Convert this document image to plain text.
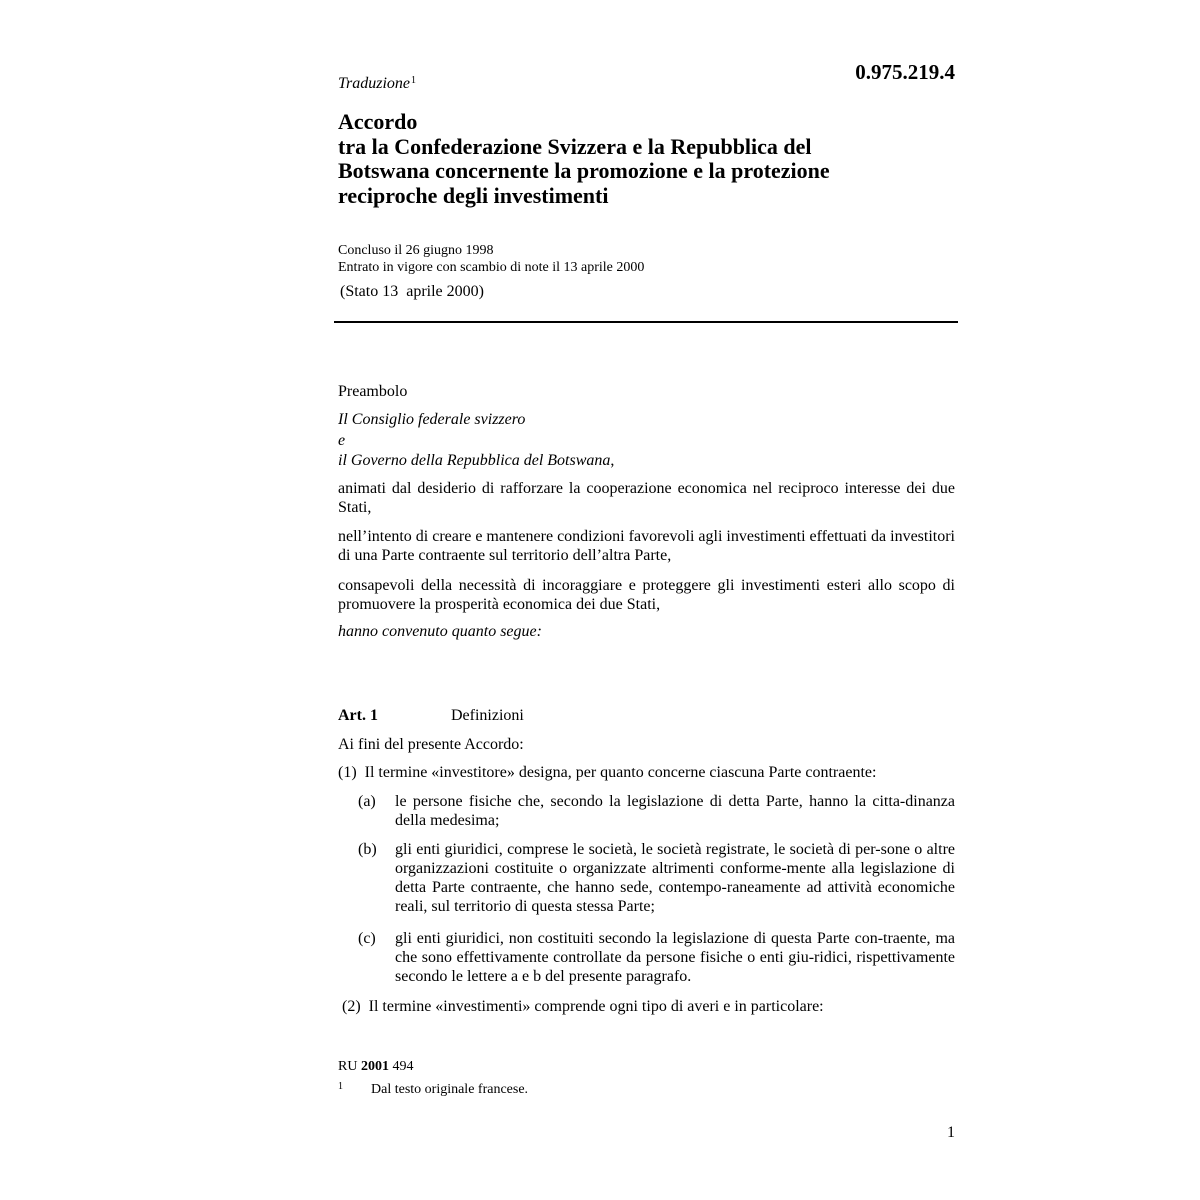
Traduzione$^1$	0.975.219.4
Accordo
tra la Confederazione Svizzera e la Repubblica del
Botswana concernente la promozione e la protezione
reciproche degli investimenti
Concluso il 26 giugno 1998
Entrato in vigore con scambio di note il 13 aprile 2000
(Stato 13  aprile 2000)
Preambolo
Il Consiglio federale svizzero
e
il Governo della Repubblica del Botswana,
animati dal desiderio di rafforzare la cooperazione economica nel reciproco interesse dei due Stati,
nell’intento di creare e mantenere condizioni favorevoli agli investimenti effettuati da investitori di una Parte contraente sul territorio dell’altra Parte,
consapevoli della necessità di incoraggiare e proteggere gli investimenti esteri allo scopo di promuovere la prosperità economica dei due Stati,
hanno convenuto quanto segue:
Art. 1	Definizioni
Ai fini del presente Accordo:
(1)  Il termine «investitore» designa, per quanto concerne ciascuna Parte contraente:
(a) le persone fisiche che, secondo la legislazione di detta Parte, hanno la citta-dinanza della medesima;
(b) gli enti giuridici, comprese le società, le società registrate, le società di per-sone o altre organizzazioni costituite o organizzate altrimenti conforme-mente alla legislazione di detta Parte contraente, che hanno sede, contempo-raneamente ad attività economiche reali, sul territorio di questa stessa Parte;
(c) gli enti giuridici, non costituiti secondo la legislazione di questa Parte con-traente, ma che sono effettivamente controllate da persone fisiche o enti giu-ridici, rispettivamente secondo le lettere a e b del presente paragrafo.
(2)  Il termine «investimenti» comprende ogni tipo di averi e in particolare:
RU 2001 494
1 Dal testo originale francese.
1
